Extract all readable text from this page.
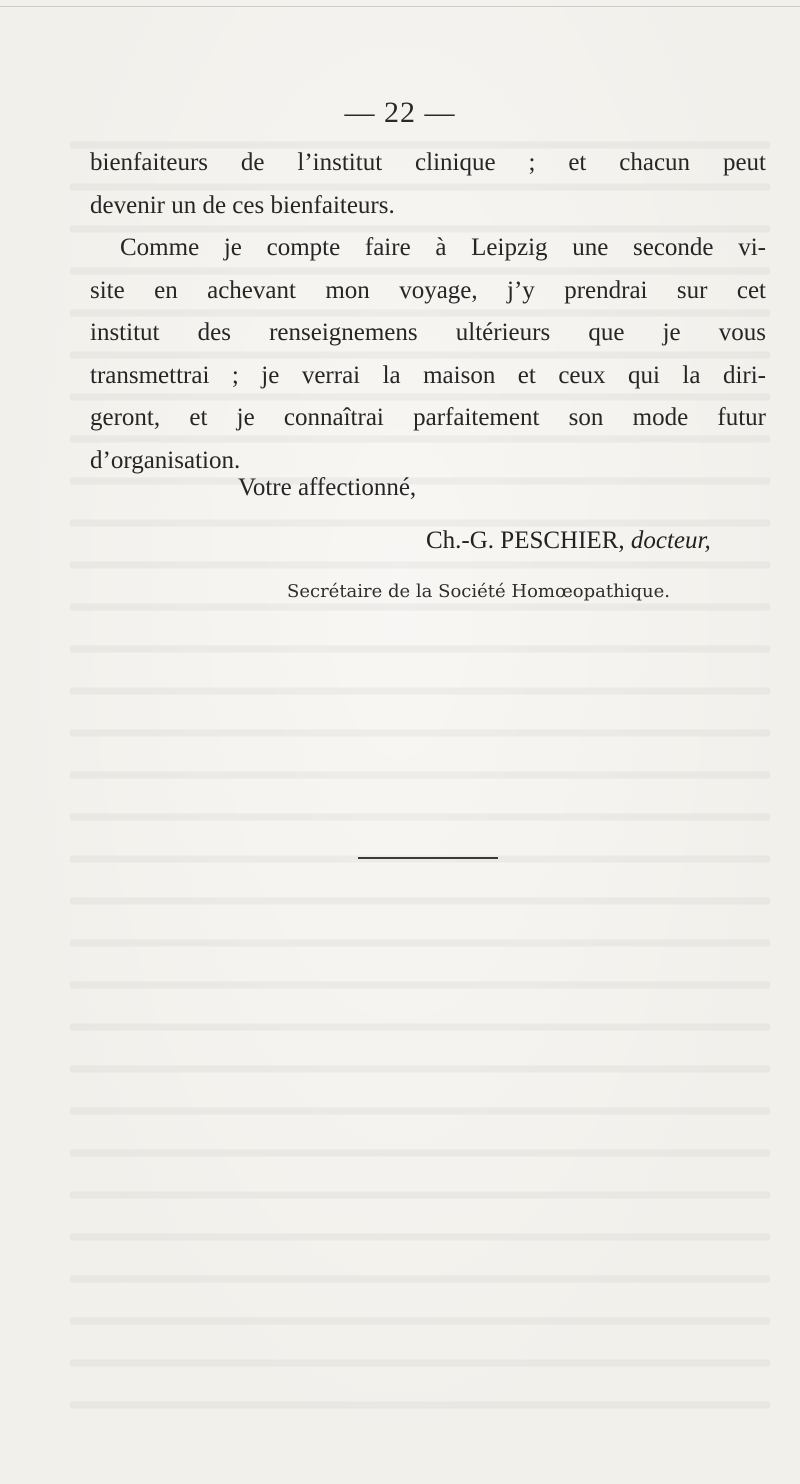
— 22 —
bienfaiteurs de l’institut clinique ; et chacun peut
devenir un de ces bienfaiteurs.
Comme je compte faire à Leipzig une seconde vi-
site en achevant mon voyage, j’y prendrai sur cet
institut des renseignemens ultérieurs que je vous
transmettrai ; je verrai la maison et ceux qui la diri-
geront, et je connaîtrai parfaitement son mode futur
d’organisation.
Votre affectionné,
Ch.-G. PESCHIER, docteur,
Secrétaire de la Société Homœopathique.
